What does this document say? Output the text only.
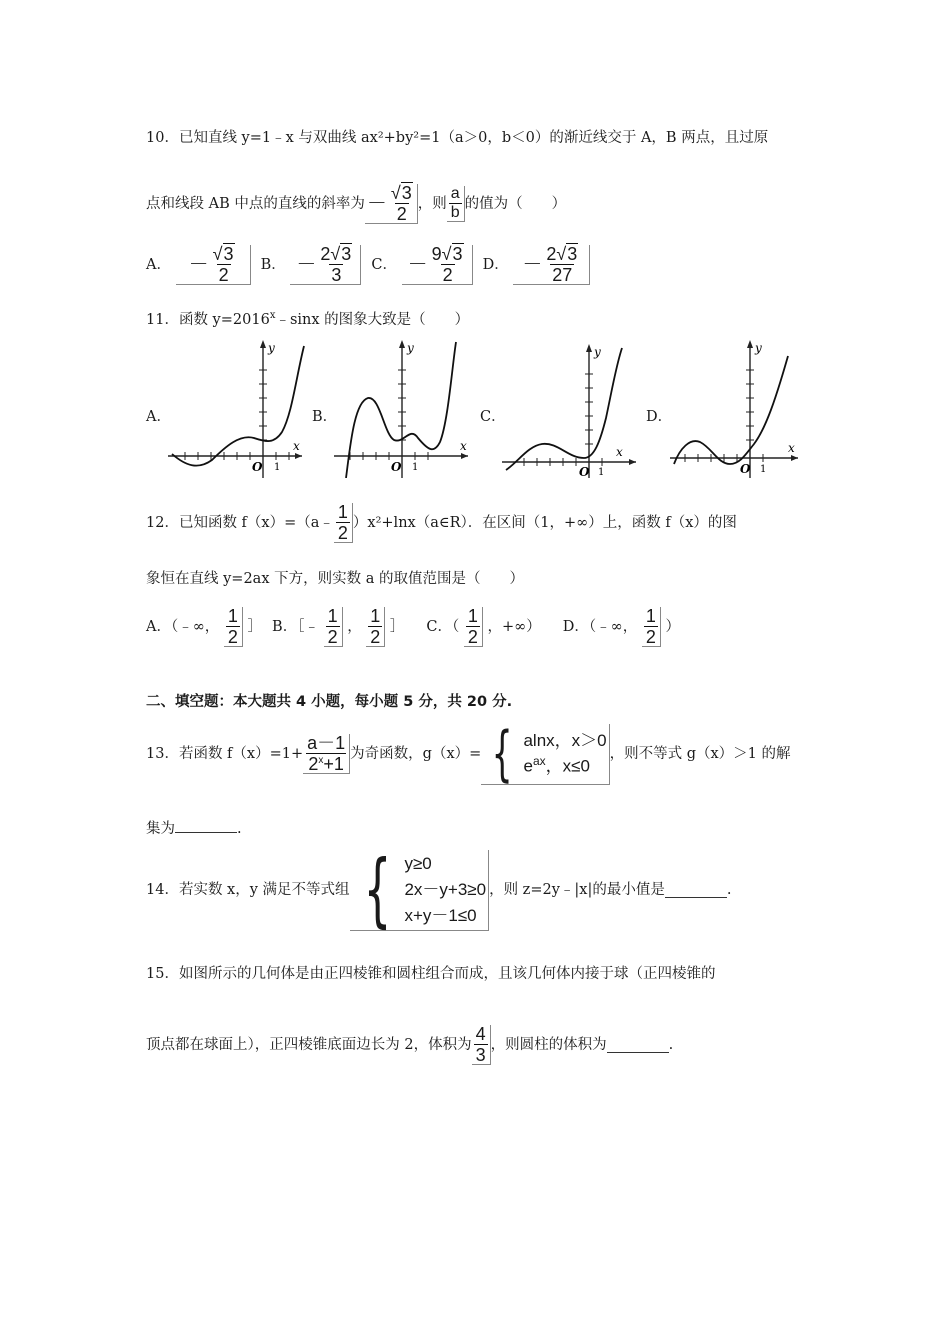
10．已知直线 y=1﹣x 与双曲线 ax²+by²=1（a＞0，b＜0）的渐近线交于 A，B 两点，且过原
点和线段 AB 中点的直线的斜率为 － $\frac{√3}{2}$ ，则 $\frac{a}{b}$ 的值为（　　）
A． － $\frac{√3}{2}$ B． － $\frac{2√3}{3}$ C． － $\frac{9√3}{2}$ D． － $\frac{2√3}{27}$
11．函数 $y=2016^x﹣\sin x$ 的图象大致是（　　）
A．	B．	C．	D．
y
x
O 1
y
x
O 1
y
x
O 1
y
x
O 1
12．已知函数 f（x）=（a﹣ $\frac{1}{2}$ ）x²+lnx（a∈R）．在区间（1，+∞）上，函数 f（x）的图
象恒在直线 y=2ax 下方，则实数 a 的取值范围是（　　）
A．（﹣∞， $\frac{1}{2}$ ］ B．［﹣ $\frac{1}{2}$ ， $\frac{1}{2}$ ］ C．（ $\frac{1}{2}$ ，+∞） D．（﹣∞， $\frac{1}{2}$ ）
二、填空题：本大题共 4 小题，每小题 5 分，共 20 分.
13．若函数 $f(x)=1+ \frac{a-1}{2^x+1}$ 为奇函数，g（x）= { alnx，x＞0
$e^{ax}$，x≤0
，则不等式 g（x）＞1 的解
集为	.
14．若实数 x，y 满足不等式组 { y≥0
2x－y+3≥0
x+y－1≤0
，则 z=2y﹣|x|的最小值是	.
15．如图所示的几何体是由正四棱锥和圆柱组合而成，且该几何体内接于球（正四棱锥的
顶点都在球面上），正四棱锥底面边长为 2，体积为 $\frac{4}{3}$ ，则圆柱的体积为	.
